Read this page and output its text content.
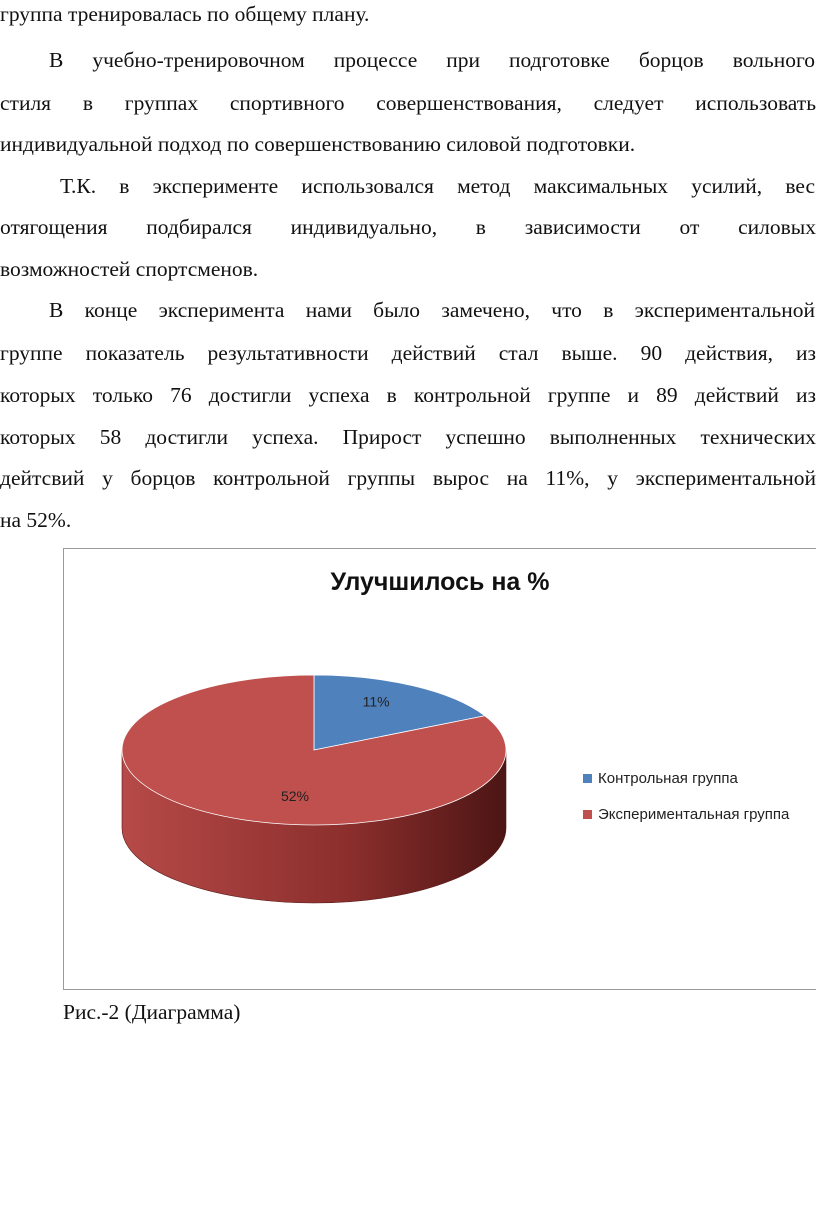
группа тренировалась по общему плану.
В учебно-тренировочном процессе при подготовке борцов вольного
стиля в группах спортивного совершенствования, следует использовать
индивидуальной подход по совершенствованию силовой подготовки.
Т.К. в эксперименте использовался метод максимальных усилий, вес
отягощения подбирался индивидуально, в зависимости от силовых
возможностей спортсменов.
В конце эксперимента нами было замечено, что в экспериментальной
группе показатель результативности действий стал выше. 90 действия, из
которых только 76 достигли успеха в контрольной группе и 89 действий из
которых 58 достигли успеха. Прирост успешно выполненных технических
дейтсвий у борцов контрольной группы вырос на 11%, у экспериментальной
на 52%.
Улучшилось на %
11%
52%
Контрольная группа
Экспериментальная группа
Рис.-2 (Диаграмма)
